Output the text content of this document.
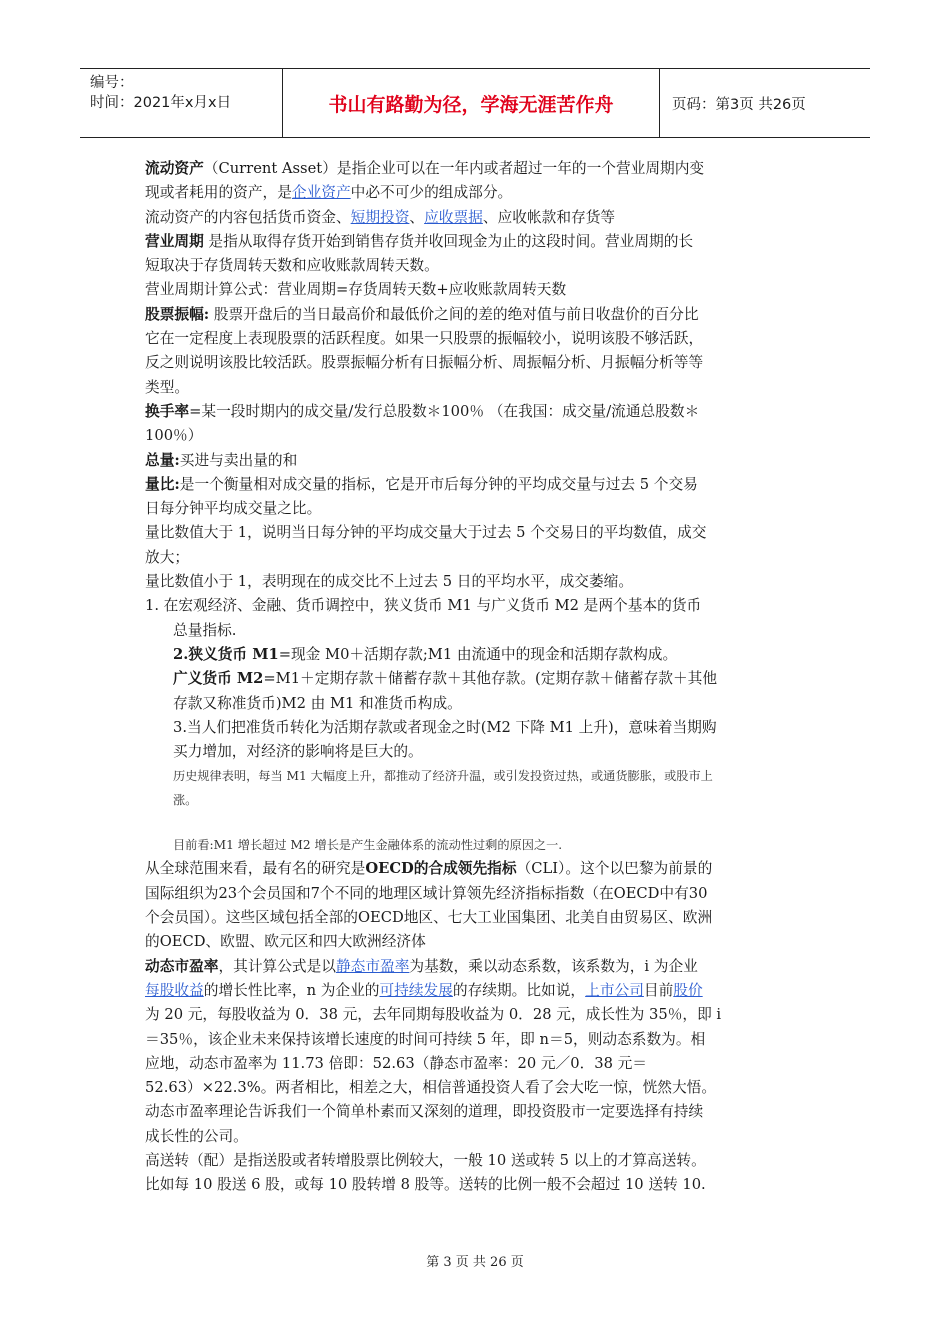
编号：
时间：2021年x月x日	书山有路勤为径，学海无涯苦作舟	页码：第3页 共26页
流动资产（Current Asset）是指企业可以在一年内或者超过一年的一个营业周期内变
现或者耗用的资产，是企业资产中必不可少的组成部分。
流动资产的内容包括货币资金、短期投资、应收票据、应收帐款和存货等
营业周期 是指从取得存货开始到销售存货并收回现金为止的这段时间。营业周期的长
短取决于存货周转天数和应收账款周转天数。
营业周期计算公式：营业周期=存货周转天数+应收账款周转天数
股票振幅: 股票开盘后的当日最高价和最低价之间的差的绝对值与前日收盘价的百分比
它在一定程度上表现股票的活跃程度。如果一只股票的振幅较小，说明该股不够活跃，
反之则说明该股比较活跃。股票振幅分析有日振幅分析、周振幅分析、月振幅分析等等
类型。
换手率=某一段时期内的成交量/发行总股数＊100％ （在我国：成交量/流通总股数＊
100％）
总量:买进与卖出量的和
量比:是一个衡量相对成交量的指标，它是开市后每分钟的平均成交量与过去 5 个交易
日每分钟平均成交量之比。
量比数值大于 1，说明当日每分钟的平均成交量大于过去 5 个交易日的平均数值，成交
放大；
量比数值小于 1，表明现在的成交比不上过去 5 日的平均水平，成交萎缩。
1. 在宏观经济、金融、货币调控中，狭义货币 M1 与广义货币 M2 是两个基本的货币
总量指标.
2.狭义货币 M1=现金 M0＋活期存款;M1 由流通中的现金和活期存款构成。
广义货币 M2=M1＋定期存款＋储蓄存款＋其他存款。(定期存款＋储蓄存款＋其他
存款又称准货币)M2 由 M1 和准货币构成。
3.当人们把准货币转化为活期存款或者现金之时(M2 下降 M1 上升)，意味着当期购
买力增加，对经济的影响将是巨大的。
历史规律表明，每当 M1 大幅度上升，都推动了经济升温，或引发投资过热，或通货膨胀，或股市上
涨。
目前看:M1 增长超过 M2 增长是产生金融体系的流动性过剩的原因之一.
从全球范围来看，最有名的研究是OECD的合成领先指标（CLI）。这个以巴黎为前景的
国际组织为23个会员国和7个不同的地理区域计算领先经济指标指数（在OECD中有30
个会员国）。这些区域包括全部的OECD地区、七大工业国集团、北美自由贸易区、欧洲
的OECD、欧盟、欧元区和四大欧洲经济体
动态市盈率，其计算公式是以静态市盈率为基数，乘以动态系数，该系数为，i 为企业
每股收益的增长性比率，n 为企业的可持续发展的存续期。比如说，上市公司目前股价
为 20 元，每股收益为 0．38 元，去年同期每股收益为 0．28 元，成长性为 35％，即 i
＝35％，该企业未来保持该增长速度的时间可持续 5 年，即 n＝5，则动态系数为。相
应地，动态市盈率为 11.73 倍即：52.63（静态市盈率：20 元／0．38 元＝
52.63）×22.3%。两者相比，相差之大，相信普通投资人看了会大吃一惊，恍然大悟。
动态市盈率理论告诉我们一个简单朴素而又深刻的道理，即投资股市一定要选择有持续
成长性的公司。
高送转（配）是指送股或者转增股票比例较大，一般 10 送或转 5 以上的才算高送转。
比如每 10 股送 6 股，或每 10 股转增 8 股等。送转的比例一般不会超过 10 送转 10.
第 3 页 共 26 页
